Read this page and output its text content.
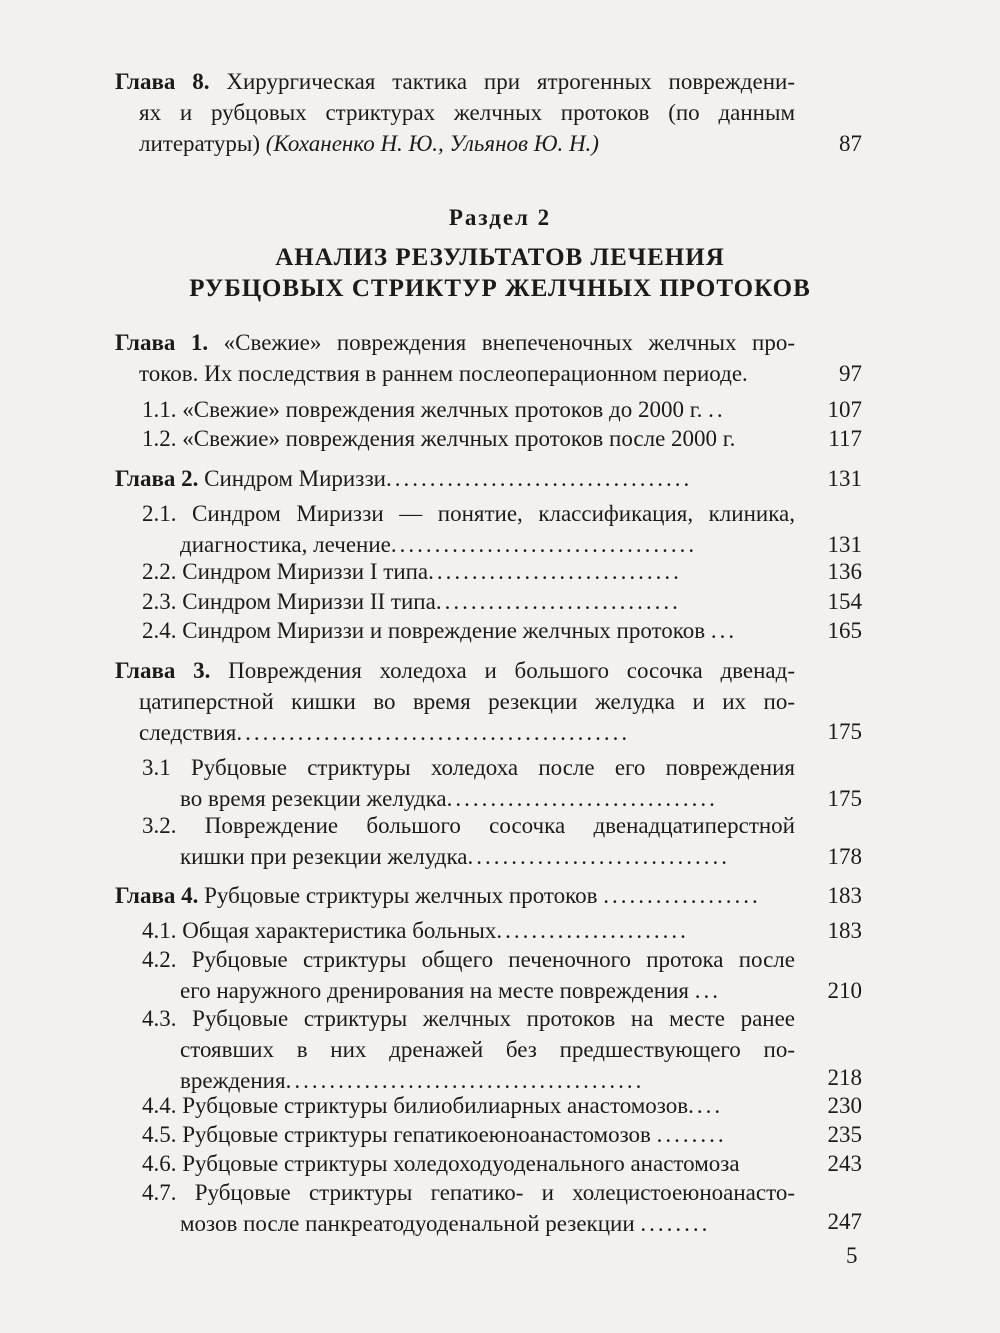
Глава 8. Хирургическая тактика при ятрогенных повреждени-
ях и рубцовых стриктурах желчных протоков (по данным
литературы) (Коханенко Н. Ю., Ульянов Ю. Н.)	87
Раздел 2
АНАЛИЗ РЕЗУЛЬТАТОВ ЛЕЧЕНИЯ
РУБЦОВЫХ СТРИКТУР ЖЕЛЧНЫХ ПРОТОКОВ
Глава 1. «Свежие» повреждения внепеченочных желчных про-
токов. Их последствия в раннем послеоперационном периоде.	97
1.1. «Свежие» повреждения желчных протоков до 2000 г. ..	107
1.2. «Свежие» повреждения желчных протоков после 2000 г.	117
Глава 2. Синдром Мириззи...................................	131
2.1. Синдром Мириззи — понятие, классификация, клиника,
диагностика, лечение...................................	131
2.2. Синдром Мириззи I типа.............................	136
2.3. Синдром Мириззи II типа............................	154
2.4. Синдром Мириззи и повреждение желчных протоков ...	165
Глава 3. Повреждения холедоха и большого сосочка двенад-
цатиперстной кишки во время резекции желудка и их по-
следствия.............................................	175
3.1 Рубцовые стриктуры холедоха после его повреждения
во время резекции желудка...............................	175
3.2. Повреждение большого сосочка двенадцатиперстной
кишки при резекции желудка..............................	178
Глава 4. Рубцовые стриктуры желчных протоков ..................	183
4.1. Общая характеристика больных......................	183
4.2. Рубцовые стриктуры общего печеночного протока после
его наружного дренирования на месте повреждения ...	210
4.3. Рубцовые стриктуры желчных протоков на месте ранее
стоявших в них дренажей без предшествующего по-
вреждения.........................................	218
4.4. Рубцовые стриктуры билиобилиарных анастомозов....	230
4.5. Рубцовые стриктуры гепатикоеюноанастомозов ........	235
4.6. Рубцовые стриктуры холедоходуоденального анастомоза	243
4.7. Рубцовые стриктуры гепатико- и холецистоеюноанасто-
мозов после панкреатодуоденальной резекции ........	247
5
